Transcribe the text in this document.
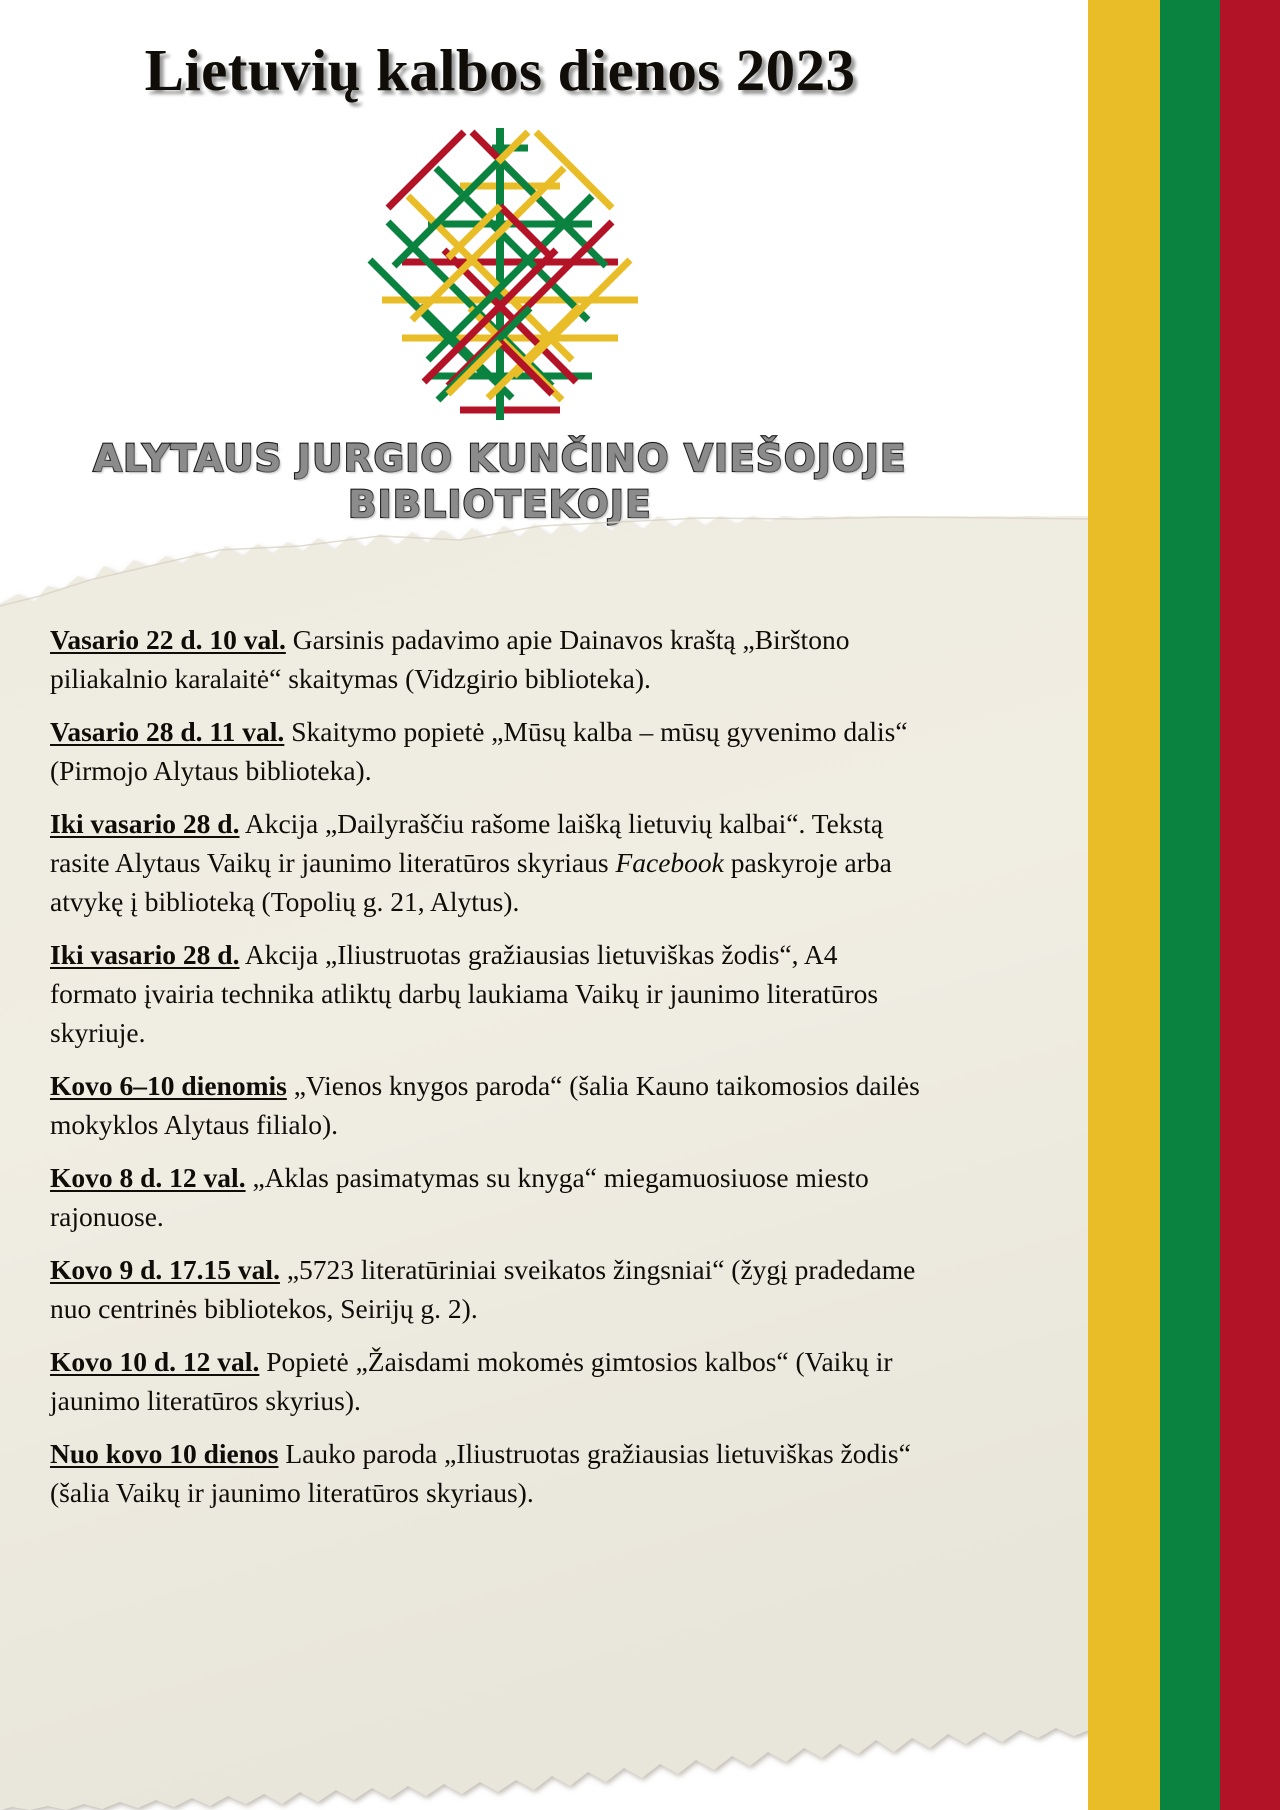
Lietuvių kalbos dienos 2023
ALYTAUS JURGIO KUNČINO VIEŠOJOJE
BIBLIOTEKOJE
Vasario 22 d. 10 val. Garsinis padavimo apie Dainavos kraštą „Birštono piliakalnio karalaitė“ skaitymas (Vidzgirio biblioteka).
Vasario 28 d. 11 val. Skaitymo popietė „Mūsų kalba – mūsų gyvenimo dalis“ (Pirmojo Alytaus biblioteka).
Iki vasario 28 d. Akcija „Dailyraščiu rašome laišką lietuvių kalbai“. Tekstą rasite Alytaus Vaikų ir jaunimo literatūros skyriaus Facebook paskyroje arba atvykę į biblioteką (Topolių g. 21, Alytus).
Iki vasario 28 d. Akcija „Iliustruotas gražiausias lietuviškas žodis“, A4 formato įvairia technika atliktų darbų laukiama Vaikų ir jaunimo literatūros skyriuje.
Kovo 6–10 dienomis „Vienos knygos paroda“ (šalia Kauno taikomosios dailės mokyklos Alytaus filialo).
Kovo 8 d. 12 val. „Aklas pasimatymas su knyga“ miegamuosiuose miesto rajonuose.
Kovo 9 d. 17.15 val. „5723 literatūriniai sveikatos žingsniai“ (žygį pradedame nuo centrinės bibliotekos, Seirijų g. 2).
Kovo 10 d. 12 val. Popietė „Žaisdami mokomės gimtosios kalbos“ (Vaikų ir jaunimo literatūros skyrius).
Nuo kovo 10 dienos Lauko paroda „Iliustruotas gražiausias lietuviškas žodis“ (šalia Vaikų ir jaunimo literatūros skyriaus).
